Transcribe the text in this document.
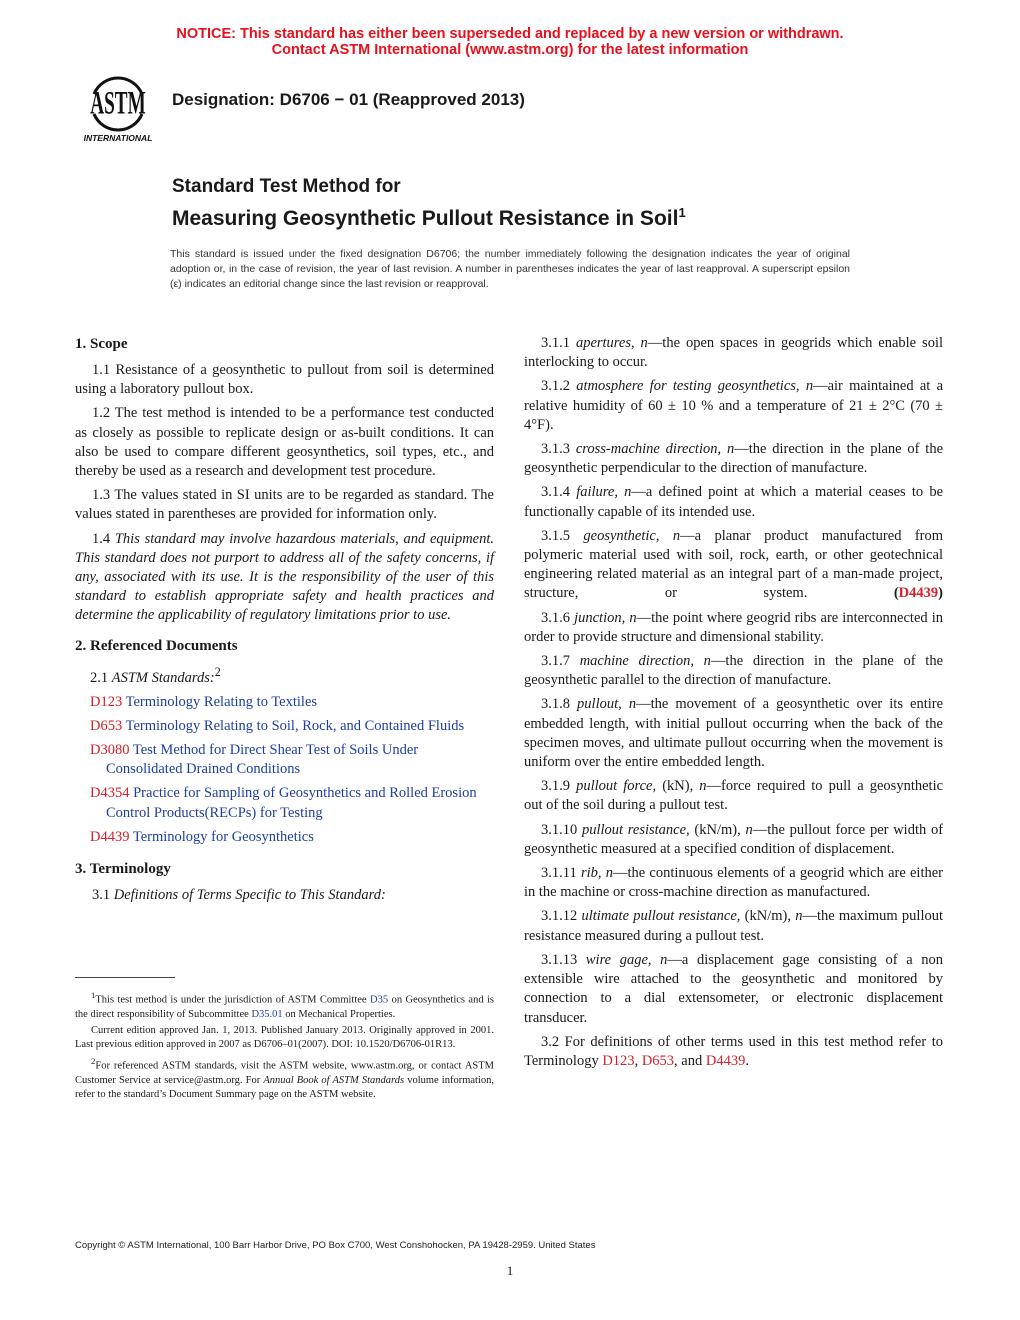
NOTICE: This standard has either been superseded and replaced by a new version or withdrawn.
Contact ASTM International (www.astm.org) for the latest information
ASTM
INTERNATIONAL
Designation: D6706 − 01 (Reapproved 2013)
Standard Test Method for
Measuring Geosynthetic Pullout Resistance in Soil$^1$
This standard is issued under the fixed designation D6706; the number immediately following the designation indicates the year of original adoption or, in the case of revision, the year of last revision. A number in parentheses indicates the year of last reapproval. A superscript epsilon (ε) indicates an editorial change since the last revision or reapproval.
1. Scope

1.1 Resistance of a geosynthetic to pullout from soil is determined using a laboratory pullout box.

1.2 The test method is intended to be a performance test conducted as closely as possible to replicate design or as-built conditions. It can also be used to compare different geosynthetics, soil types, etc., and thereby be used as a research and development test procedure.

1.3 The values stated in SI units are to be regarded as standard. The values stated in parentheses are provided for information only.

1.4 This standard may involve hazardous materials, and equipment. This standard does not purport to address all of the safety concerns, if any, associated with its use. It is the responsibility of the user of this standard to establish appropriate safety and health practices and determine the applicability of regulatory limitations prior to use.

2. Referenced Documents

2.1 ASTM Standards:$^2$

D123 Terminology Relating to Textiles

D653 Terminology Relating to Soil, Rock, and Contained Fluids

D3080 Test Method for Direct Shear Test of Soils Under Consolidated Drained Conditions

D4354 Practice for Sampling of Geosynthetics and Rolled Erosion Control Products(RECPs) for Testing

D4439 Terminology for Geosynthetics

3. Terminology

3.1 Definitions of Terms Specific to This Standard:

$^1$This test method is under the jurisdiction of ASTM Committee D35 on Geosynthetics and is the direct responsibility of Subcommittee D35.01 on Mechanical Properties.

Current edition approved Jan. 1, 2013. Published January 2013. Originally approved in 2001. Last previous edition approved in 2007 as D6706–01(2007). DOI: 10.1520/D6706-01R13.

$^2$For referenced ASTM standards, visit the ASTM website, www.astm.org, or contact ASTM Customer Service at service@astm.org. For Annual Book of ASTM Standards volume information, refer to the standard’s Document Summary page on the ASTM website.

3.1.1 apertures, n—the open spaces in geogrids which enable soil interlocking to occur.

3.1.2 atmosphere for testing geosynthetics, n—air maintained at a relative humidity of 60 ± 10 % and a temperature of 21 ± 2°C (70 ± 4°F).

3.1.3 cross-machine direction, n—the direction in the plane of the geosynthetic perpendicular to the direction of manufacture.

3.1.4 failure, n—a defined point at which a material ceases to be functionally capable of its intended use.

3.1.5 geosynthetic, n—a planar product manufactured from polymeric material used with soil, rock, earth, or other geotechnical engineering related material as an integral part of a man-made project, structure, or system.	(D4439)

3.1.6 junction, n—the point where geogrid ribs are interconnected in order to provide structure and dimensional stability.

3.1.7 machine direction, n—the direction in the plane of the geosynthetic parallel to the direction of manufacture.

3.1.8 pullout, n—the movement of a geosynthetic over its entire embedded length, with initial pullout occurring when the back of the specimen moves, and ultimate pullout occurring when the movement is uniform over the entire embedded length.

3.1.9 pullout force, (kN), n—force required to pull a geosynthetic out of the soil during a pullout test.

3.1.10 pullout resistance, (kN/m), n—the pullout force per width of geosynthetic measured at a specified condition of displacement.

3.1.11 rib, n—the continuous elements of a geogrid which are either in the machine or cross-machine direction as manufactured.

3.1.12 ultimate pullout resistance, (kN/m), n—the maximum pullout resistance measured during a pullout test.

3.1.13 wire gage, n—a displacement gage consisting of a non extensible wire attached to the geosynthetic and monitored by connection to a dial extensometer, or electronic displacement transducer.

3.2 For definitions of other terms used in this test method refer to Terminology D123, D653, and D4439.

Copyright © ASTM International, 100 Barr Harbor Drive, PO Box C700, West Conshohocken, PA 19428-2959. United States
1
